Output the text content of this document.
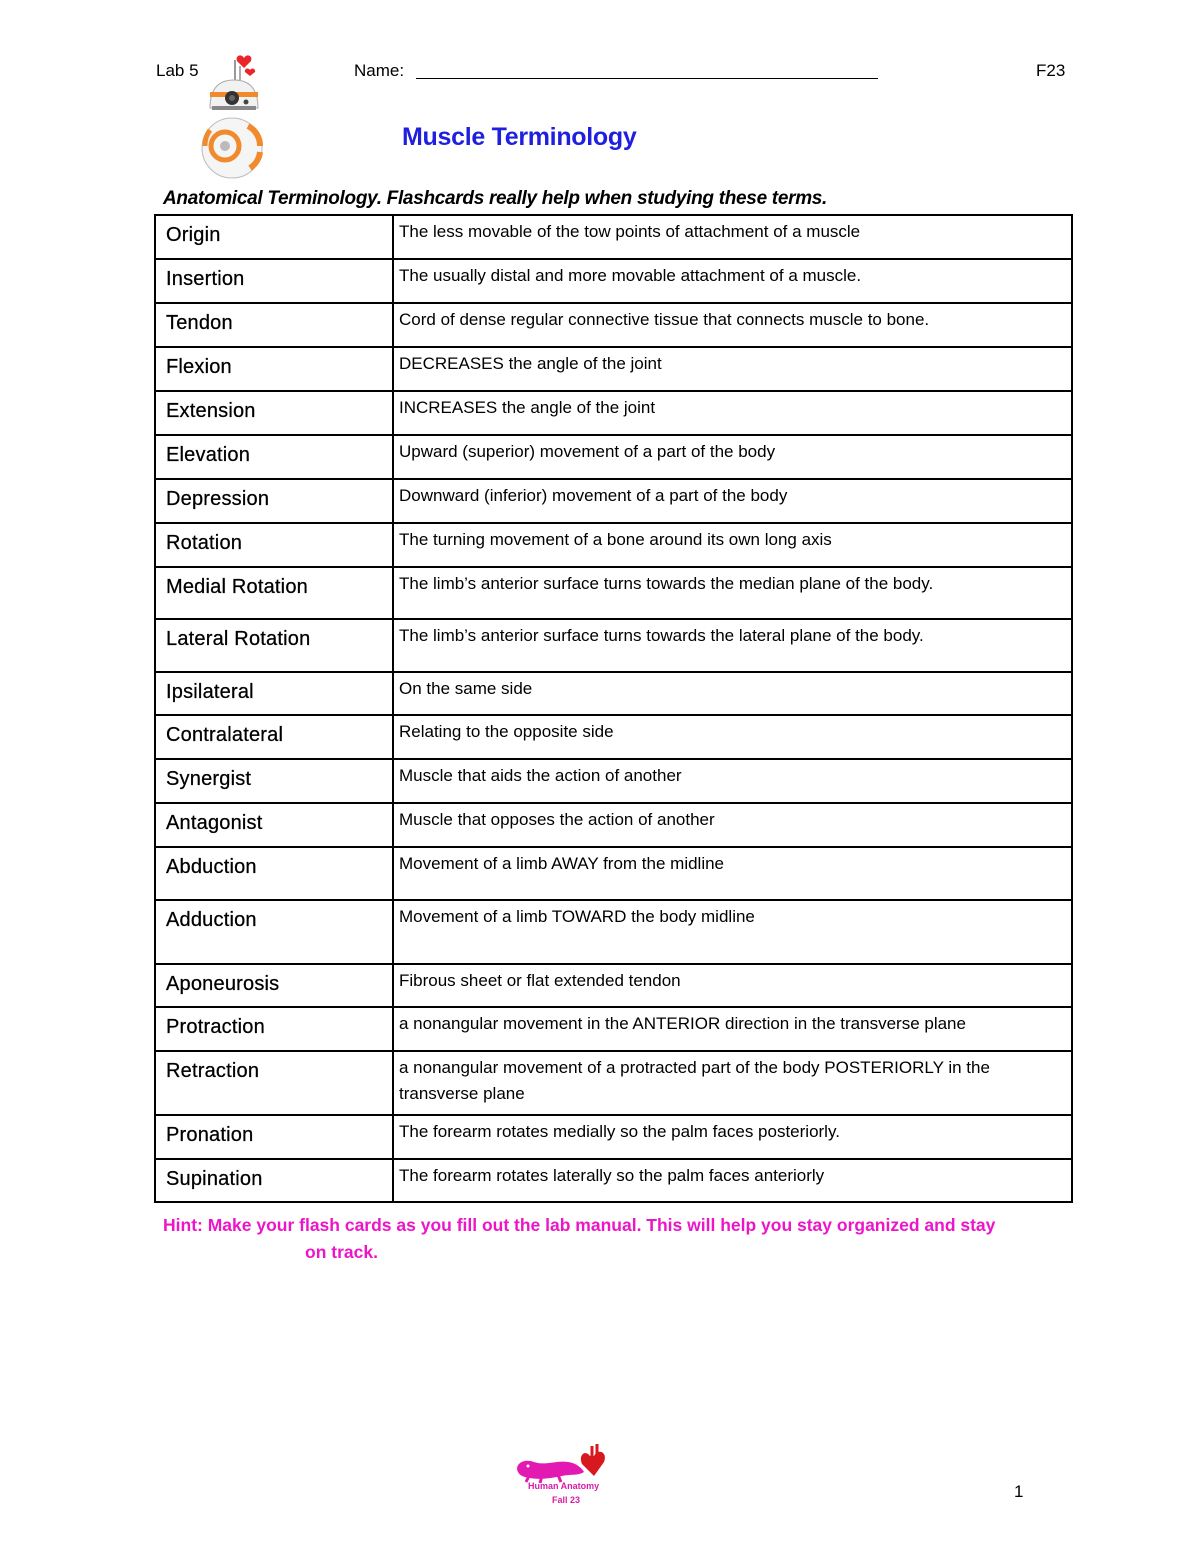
Lab 5	Name:	F23
Muscle Terminology
Anatomical Terminology. Flashcards really help when studying these terms.
Origin	The less movable of the tow points of attachment of a muscle
Insertion	The usually distal and more movable attachment of a muscle.
Tendon	Cord of dense regular connective tissue that connects muscle to bone.
Flexion	DECREASES the angle of the joint
Extension	INCREASES the angle of the joint
Elevation	Upward (superior) movement of a part of the body
Depression	Downward (inferior) movement of a part of the body
Rotation	The turning movement of a bone around its own long axis
Medial Rotation	The limb’s anterior surface turns towards the median plane of the body.
Lateral Rotation	The limb’s anterior surface turns towards the lateral plane of the body.
Ipsilateral	On the same side
Contralateral	Relating to the opposite side
Synergist	Muscle that aids the action of another
Antagonist	Muscle that opposes the action of another
Abduction	Movement of a limb AWAY from the midline
Adduction	Movement of a limb TOWARD the body midline
Aponeurosis	Fibrous sheet or flat extended tendon
Protraction	a nonangular movement in the ANTERIOR direction in the transverse plane
Retraction	a nonangular movement of a protracted part of the body POSTERIORLY in the transverse plane
Pronation	The forearm rotates medially so the palm faces posteriorly.
Supination	The forearm rotates laterally so the palm faces anteriorly
Hint: Make your flash cards as you fill out the lab manual. This will help you stay organized and stay
on track.
Human Anatomy
Fall 23	1
